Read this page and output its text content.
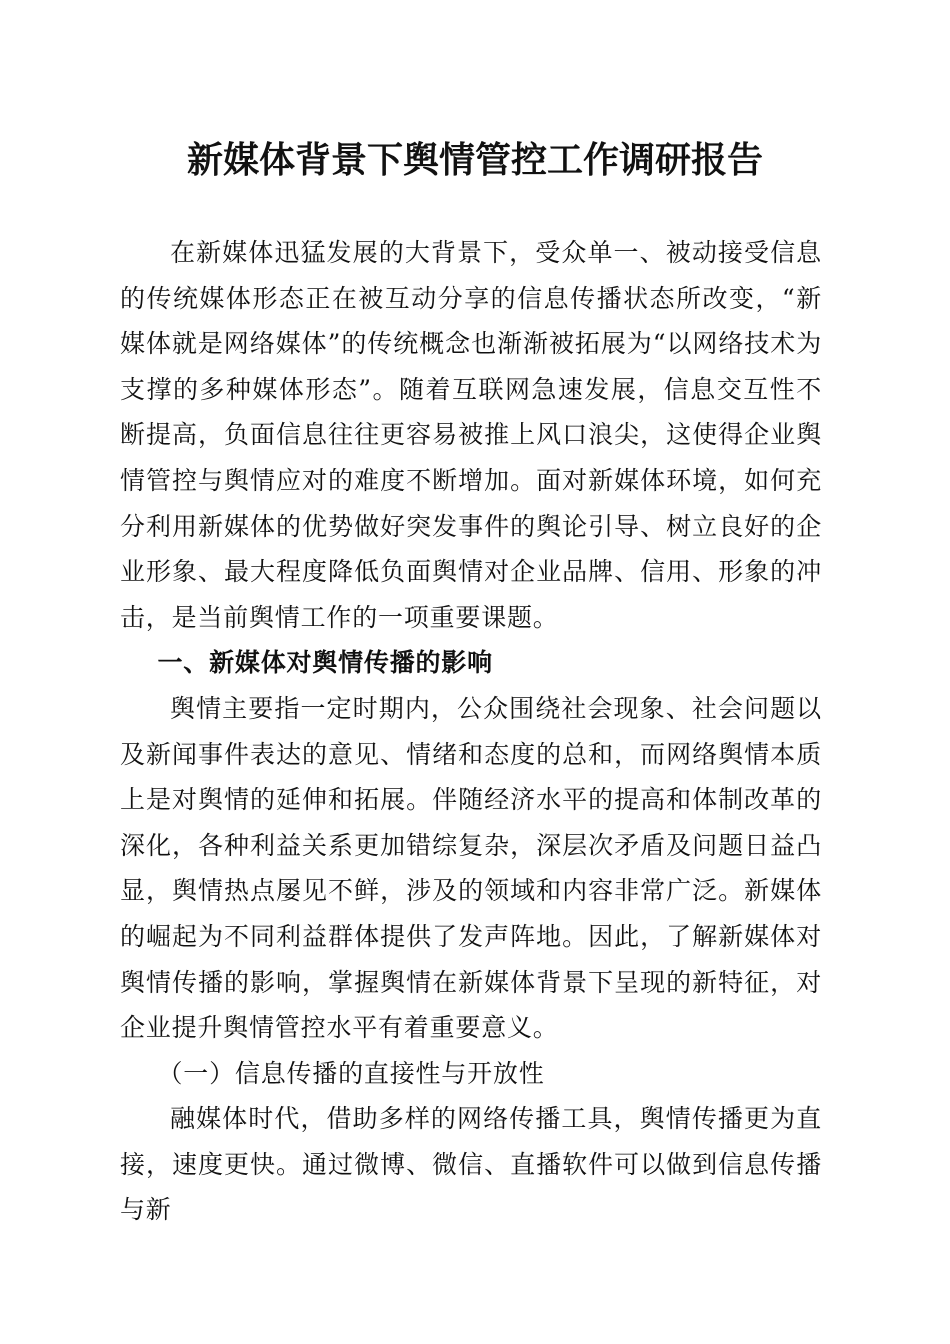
新媒体背景下舆情管控工作调研报告

在新媒体迅猛发展的大背景下，受众单一、被动接受信息的传统媒体形态正在被互动分享的信息传播状态所改变，“新媒体就是网络媒体”的传统概念也渐渐被拓展为“以网络技术为支撑的多种媒体形态”。随着互联网急速发展，信息交互性不断提高，负面信息往往更容易被推上风口浪尖，这使得企业舆情管控与舆情应对的难度不断增加。面对新媒体环境，如何充分利用新媒体的优势做好突发事件的舆论引导、树立良好的企业形象、最大程度降低负面舆情对企业品牌、信用、形象的冲击，是当前舆情工作的一项重要课题。

一、新媒体对舆情传播的影响

舆情主要指一定时期内，公众围绕社会现象、社会问题以及新闻事件表达的意见、情绪和态度的总和，而网络舆情本质上是对舆情的延伸和拓展。伴随经济水平的提高和体制改革的深化，各种利益关系更加错综复杂，深层次矛盾及问题日益凸显，舆情热点屡见不鲜，涉及的领域和内容非常广泛。新媒体的崛起为不同利益群体提供了发声阵地。因此，了解新媒体对舆情传播的影响，掌握舆情在新媒体背景下呈现的新特征，对企业提升舆情管控水平有着重要意义。

（一）信息传播的直接性与开放性

融媒体时代，借助多样的网络传播工具，舆情传播更为直接，速度更快。通过微博、微信、直播软件可以做到信息传播与新
